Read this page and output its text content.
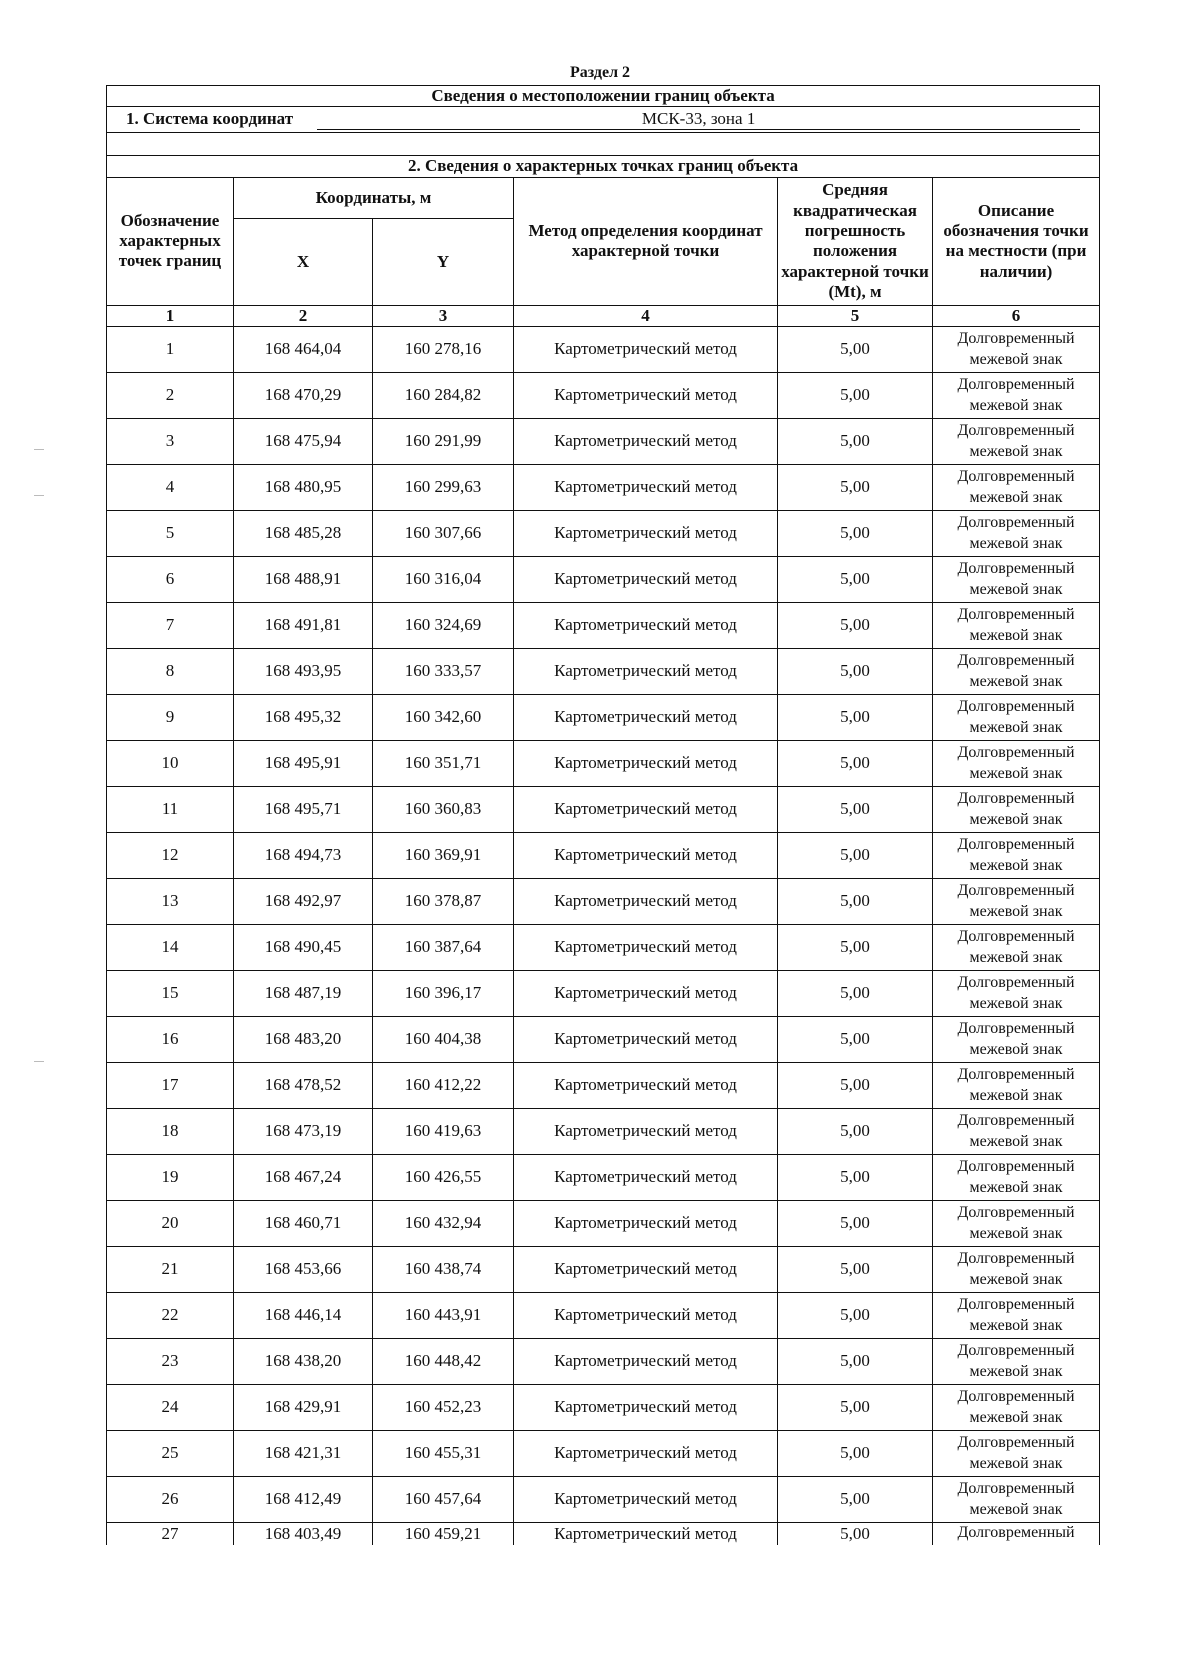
Раздел 2
Сведения о местоположении границ объекта					
1. Система координат МСК-33, зона 1					

2. Сведения о характерных точках границ объекта					
Обозначение характерных точек границ	Координаты, м		Метод определения координат характерной точки	Средняя квадратическая погрешность положения характерной точки (Mt), м	Описание обозначения точки на местности (при наличии)
	X	Y			
1	2	3	4	5	6
1	168 464,04	160 278,16	Картометрический метод	5,00	Долговременный межевой знак
2	168 470,29	160 284,82	Картометрический метод	5,00	Долговременный межевой знак
3	168 475,94	160 291,99	Картометрический метод	5,00	Долговременный межевой знак
4	168 480,95	160 299,63	Картометрический метод	5,00	Долговременный межевой знак
5	168 485,28	160 307,66	Картометрический метод	5,00	Долговременный межевой знак
6	168 488,91	160 316,04	Картометрический метод	5,00	Долговременный межевой знак
7	168 491,81	160 324,69	Картометрический метод	5,00	Долговременный межевой знак
8	168 493,95	160 333,57	Картометрический метод	5,00	Долговременный межевой знак
9	168 495,32	160 342,60	Картометрический метод	5,00	Долговременный межевой знак
10	168 495,91	160 351,71	Картометрический метод	5,00	Долговременный межевой знак
11	168 495,71	160 360,83	Картометрический метод	5,00	Долговременный межевой знак
12	168 494,73	160 369,91	Картометрический метод	5,00	Долговременный межевой знак
13	168 492,97	160 378,87	Картометрический метод	5,00	Долговременный межевой знак
14	168 490,45	160 387,64	Картометрический метод	5,00	Долговременный межевой знак
15	168 487,19	160 396,17	Картометрический метод	5,00	Долговременный межевой знак
16	168 483,20	160 404,38	Картометрический метод	5,00	Долговременный межевой знак
17	168 478,52	160 412,22	Картометрический метод	5,00	Долговременный межевой знак
18	168 473,19	160 419,63	Картометрический метод	5,00	Долговременный межевой знак
19	168 467,24	160 426,55	Картометрический метод	5,00	Долговременный межевой знак
20	168 460,71	160 432,94	Картометрический метод	5,00	Долговременный межевой знак
21	168 453,66	160 438,74	Картометрический метод	5,00	Долговременный межевой знак
22	168 446,14	160 443,91	Картометрический метод	5,00	Долговременный межевой знак
23	168 438,20	160 448,42	Картометрический метод	5,00	Долговременный межевой знак
24	168 429,91	160 452,23	Картометрический метод	5,00	Долговременный межевой знак
25	168 421,31	160 455,31	Картометрический метод	5,00	Долговременный межевой знак
26	168 412,49	160 457,64	Картометрический метод	5,00	Долговременный межевой знак
27	168 403,49	160 459,21	Картометрический метод	5,00	Долговременный
